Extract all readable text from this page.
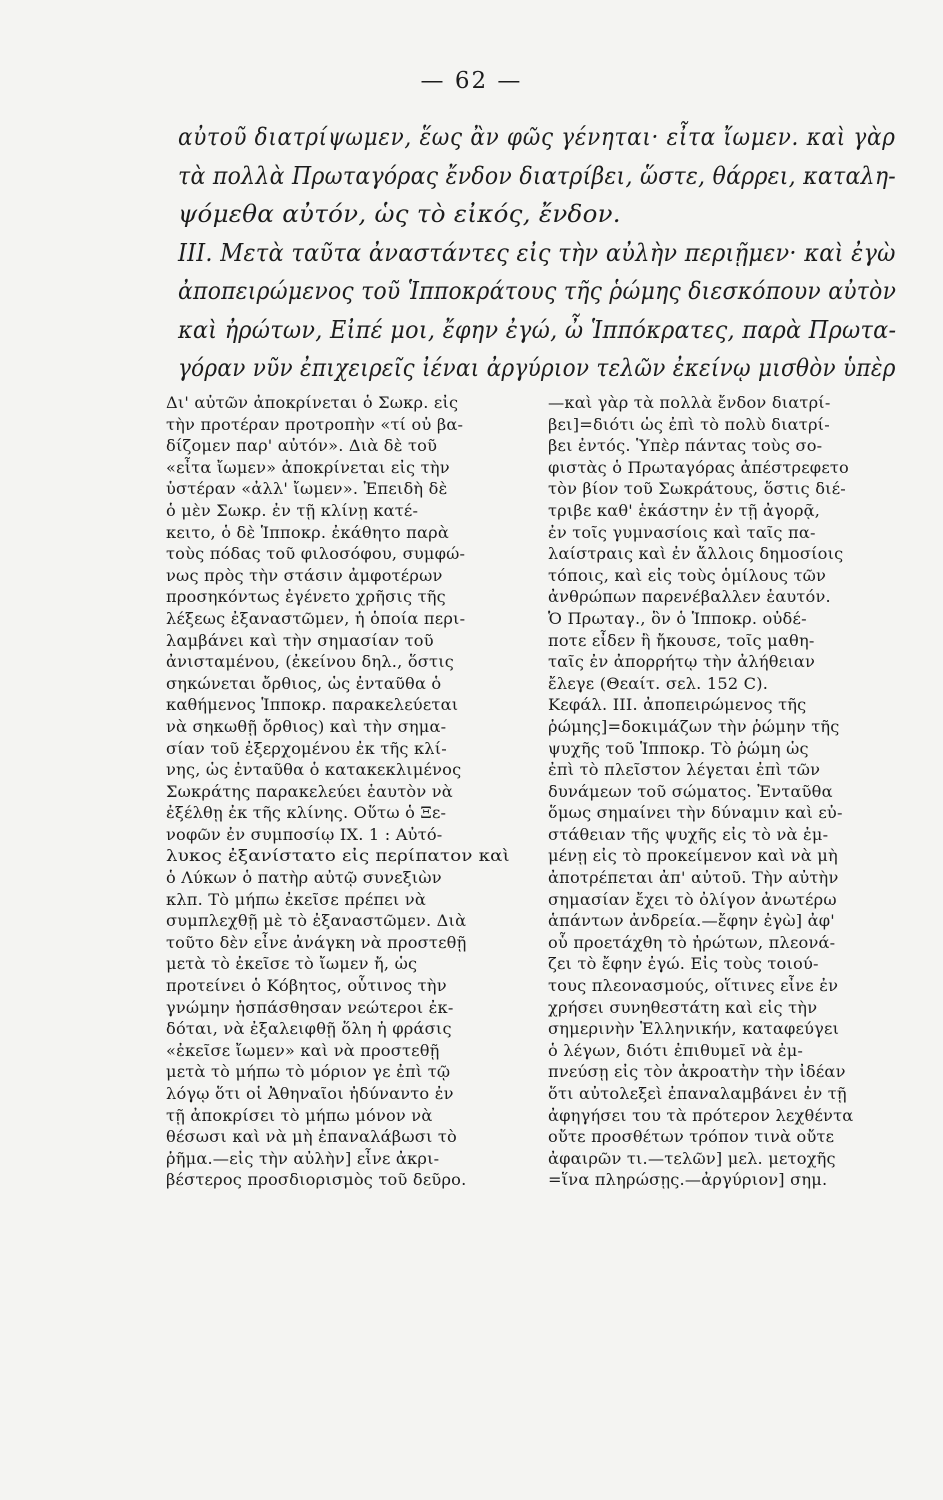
— 62 —
αὐτοῦ διατρίψωμεν, ἕως ἂν φῶς γένηται· εἶτα ἴωμεν. καὶ γὰρ
τὰ πολλὰ Πρωταγόρας ἔνδον διατρίβει, ὥστε, θάρρει, καταλη-
ψόμεθα αὐτόν, ὡς τὸ εἰκός, ἔνδον.
III. Μετὰ ταῦτα ἀναστάντες εἰς τὴν αὐλὴν περιῇμεν· καὶ ἐγὼ
ἀποπειρώμενος τοῦ Ἱπποκράτους τῆς ῥώμης διεσκόπουν αὐτὸν
καὶ ἠρώτων, Εἰπέ μοι, ἔφην ἐγώ, ὦ Ἱππόκρατες, παρὰ Πρωτα-
γόραν νῦν ἐπιχειρεῖς ἰέναι ἀργύριον τελῶν ἐκείνῳ μισθὸν ὑπὲρ
Δι' αὐτῶν ἀποκρίνεται ὁ Σωκρ. εἰς
τὴν προτέραν προτροπὴν «τί οὐ βα-
δίζομεν παρ' αὐτόν». Διὰ δὲ τοῦ
«εἶτα ἴωμεν» ἀποκρίνεται εἰς τὴν
ὑστέραν «ἀλλ' ἴωμεν». Ἐπειδὴ δὲ
ὁ μὲν Σωκρ. ἐν τῇ κλίνῃ κατέ-
κειτο, ὁ δὲ Ἱπποκρ. ἐκάθητο παρὰ
τοὺς πόδας τοῦ φιλοσόφου, συμφώ-
νως πρὸς τὴν στάσιν ἀμφοτέρων
προσηκόντως ἐγένετο χρῆσις τῆς
λέξεως ἐξαναστῶμεν, ἡ ὁποία περι-
λαμβάνει καὶ τὴν σημασίαν τοῦ
ἀνισταμένου, (ἐκείνου δηλ., ὅστις
σηκώνεται ὄρθιος, ὡς ἐνταῦθα ὁ
καθήμενος Ἱπποκρ. παρακελεύεται
νὰ σηκωθῇ ὄρθιος) καὶ τὴν σημα-
σίαν τοῦ ἐξερχομένου ἐκ τῆς κλί-
νης, ὡς ἐνταῦθα ὁ κατακεκλιμένος
Σωκράτης παρακελεύει ἑαυτὸν νὰ
ἐξέλθῃ ἐκ τῆς κλίνης. Οὕτω ὁ Ξε-
νοφῶν ἐν συμποσίῳ IX. 1 : Αὐτό-
λυκος ἐξανίστατο εἰς περίπατον καὶ
ὁ Λύκων ὁ πατὴρ αὐτῷ συνεξιὼν
κλπ. Τὸ μήπω ἐκεῖσε πρέπει νὰ
συμπλεχθῇ μὲ τὸ ἐξαναστῶμεν. Διὰ
τοῦτο δὲν εἶνε ἀνάγκη νὰ προστεθῇ
μετὰ τὸ ἐκεῖσε τὸ ἴωμεν ἤ, ὡς
προτείνει ὁ Κόβητος, οὗτινος τὴν
γνώμην ἠσπάσθησαν νεώτεροι ἐκ-
δόται, νὰ ἐξαλειφθῇ ὅλη ἡ φράσις
«ἐκεῖσε ἴωμεν» καὶ νὰ προστεθῇ
μετὰ τὸ μήπω τὸ μόριον γε ἐπὶ τῷ
λόγῳ ὅτι οἱ Ἀθηναῖοι ἠδύναντο ἐν
τῇ ἀποκρίσει τὸ μήπω μόνον νὰ
θέσωσι καὶ νὰ μὴ ἐπαναλάβωσι τὸ
ῥῆμα.—εἰς τὴν αὐλὴν] εἶνε ἀκρι-
βέστερος προσδιορισμὸς τοῦ δεῦρο.
—καὶ γὰρ τὰ πολλὰ ἔνδον διατρί-
βει]=διότι ὡς ἐπὶ τὸ πολὺ διατρί-
βει ἐντός. Ὑπὲρ πάντας τοὺς σο-
φιστὰς ὁ Πρωταγόρας ἀπέστρεφετο
τὸν βίον τοῦ Σωκράτους, ὅστις διέ-
τριβε καθ' ἑκάστην ἐν τῇ ἀγορᾷ,
ἐν τοῖς γυμνασίοις καὶ ταῖς πα-
λαίστραις καὶ ἐν ἄλλοις δημοσίοις
τόποις, καὶ εἰς τοὺς ὁμίλους τῶν
ἀνθρώπων παρενέβαλλεν ἑαυτόν.
Ὁ Πρωταγ., ὃν ὁ Ἱπποκρ. οὐδέ-
ποτε εἶδεν ἢ ἤκουσε, τοῖς μαθη-
ταῖς ἐν ἀπορρήτῳ τὴν ἀλήθειαν
ἔλεγε (Θεαίτ. σελ. 152 C).
Κεφάλ. III. ἀποπειρώμενος τῆς
ῥώμης]=δοκιμάζων τὴν ῥώμην τῆς
ψυχῆς τοῦ Ἱπποκρ. Τὸ ῥώμη ὡς
ἐπὶ τὸ πλεῖστον λέγεται ἐπὶ τῶν
δυνάμεων τοῦ σώματος. Ἐνταῦθα
ὅμως σημαίνει τὴν δύναμιν καὶ εὐ-
στάθειαν τῆς ψυχῆς εἰς τὸ νὰ ἐμ-
μένῃ εἰς τὸ προκείμενον καὶ νὰ μὴ
ἀποτρέπεται ἀπ' αὐτοῦ. Τὴν αὐτὴν
σημασίαν ἔχει τὸ ὀλίγον ἀνωτέρω
ἁπάντων ἀνδρεία.—ἔφην ἐγὼ] ἀφ'
οὗ προετάχθη τὸ ἠρώτων, πλεονά-
ζει τὸ ἔφην ἐγώ. Εἰς τοὺς τοιού-
τους πλεονασμούς, οἵτινες εἶνε ἐν
χρήσει συνηθεστάτη καὶ εἰς τὴν
σημερινὴν Ἑλληνικήν, καταφεύγει
ὁ λέγων, διότι ἐπιθυμεῖ νὰ ἐμ-
πνεύσῃ εἰς τὸν ἀκροατὴν τὴν ἰδέαν
ὅτι αὐτολεξεὶ ἐπαναλαμβάνει ἐν τῇ
ἀφηγήσει του τὰ πρότερον λεχθέντα
οὔτε προσθέτων τρόπον τινὰ οὔτε
ἀφαιρῶν τι.—τελῶν] μελ. μετοχῆς
=ἵνα πληρώσῃς.—ἀργύριον] σημ.
